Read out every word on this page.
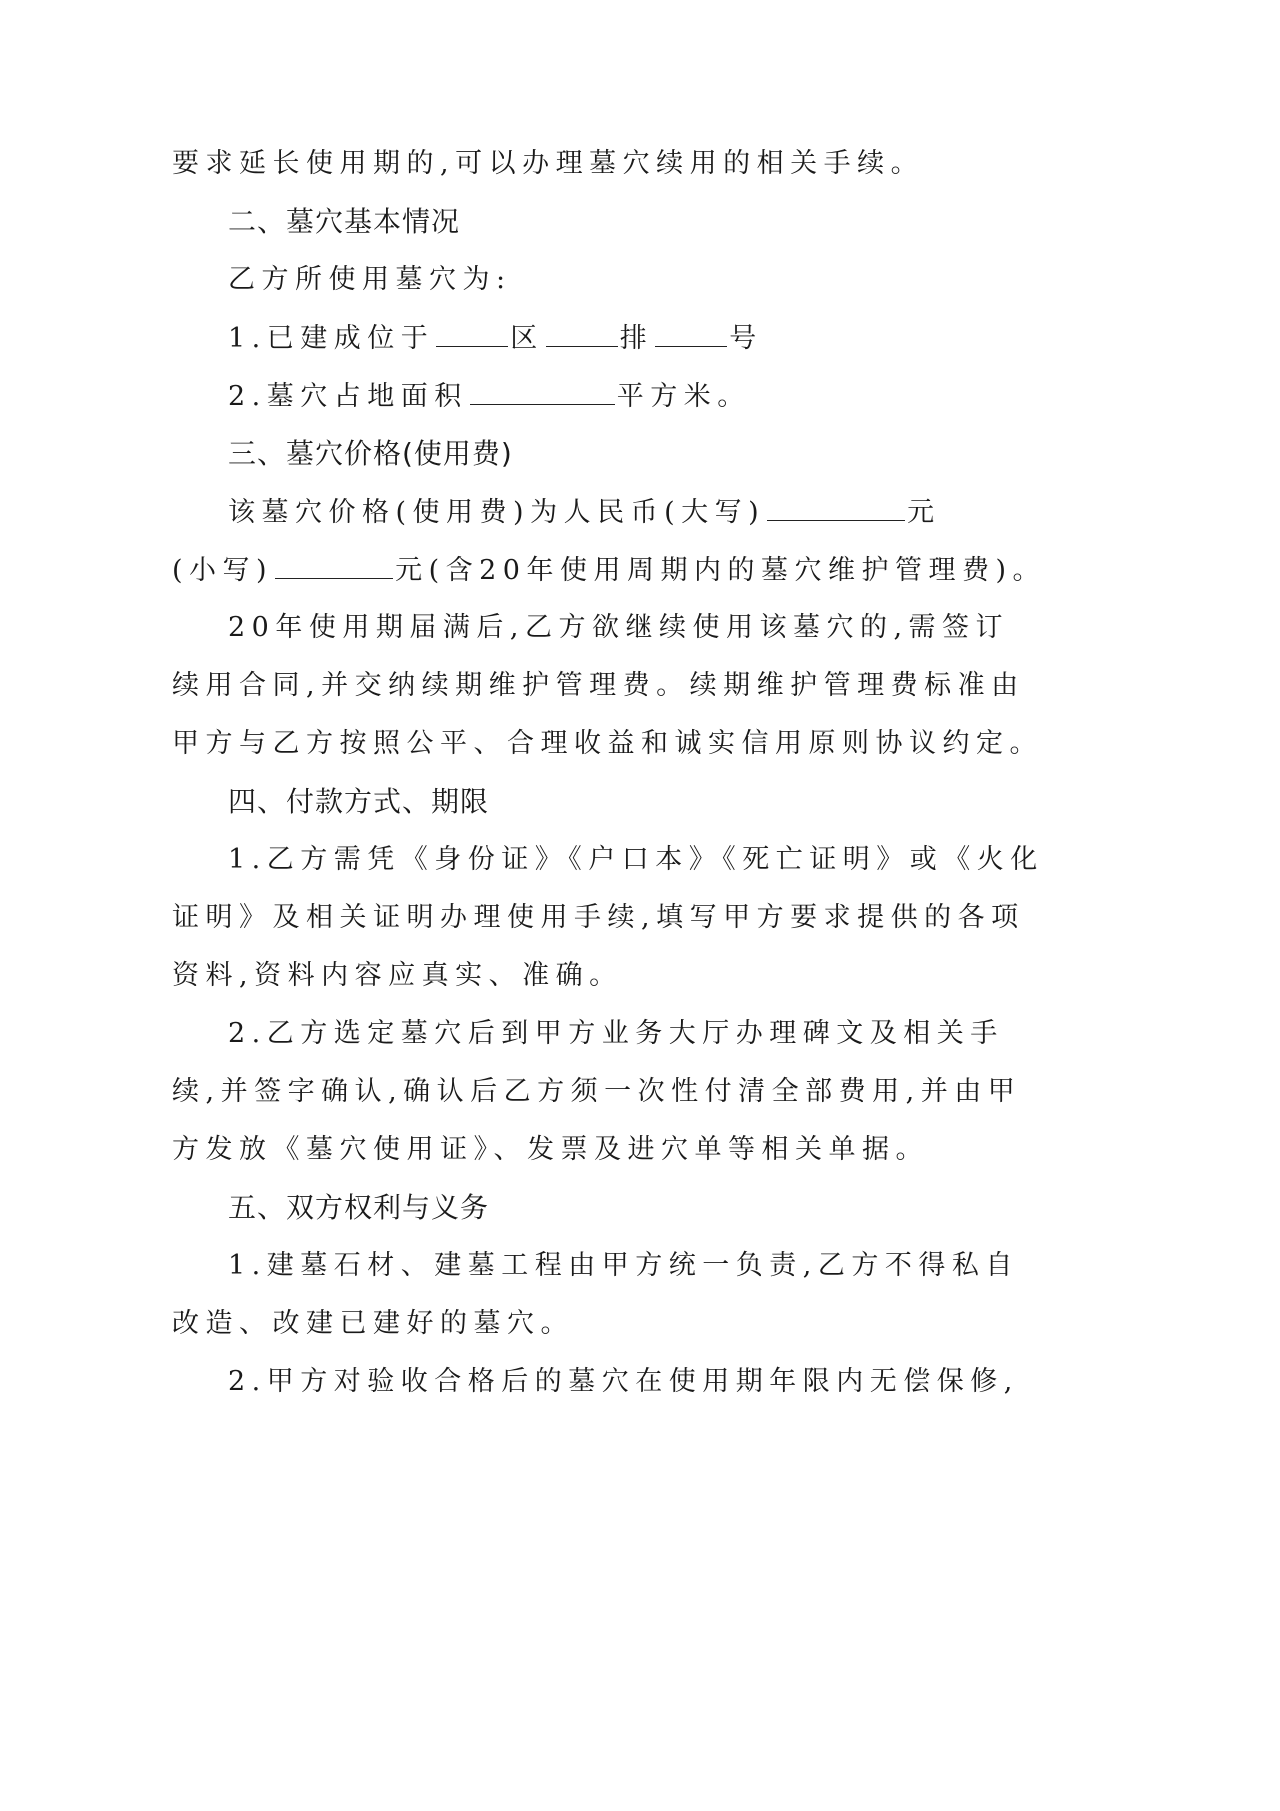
要求延长使用期的,可以办理墓穴续用的相关手续。
二、墓穴基本情况
乙方所使用墓穴为:
1.已建成位于	区	排	号
2.墓穴占地面积	平方米。
三、墓穴价格(使用费)
该墓穴价格(使用费)为人民币(大写)	元
(小写)	元(含20年使用周期内的墓穴维护管理费)。
20年使用期届满后,乙方欲继续使用该墓穴的,需签订
续用合同,并交纳续期维护管理费。续期维护管理费标准由
甲方与乙方按照公平、合理收益和诚实信用原则协议约定。
四、付款方式、期限
1.乙方需凭《身份证》《户口本》《死亡证明》或《火化
证明》及相关证明办理使用手续,填写甲方要求提供的各项
资料,资料内容应真实、准确。
2.乙方选定墓穴后到甲方业务大厅办理碑文及相关手
续,并签字确认,确认后乙方须一次性付清全部费用,并由甲
方发放《墓穴使用证》、发票及进穴单等相关单据。
五、双方权利与义务
1.建墓石材、建墓工程由甲方统一负责,乙方不得私自
改造、改建已建好的墓穴。
2.甲方对验收合格后的墓穴在使用期年限内无偿保修,
